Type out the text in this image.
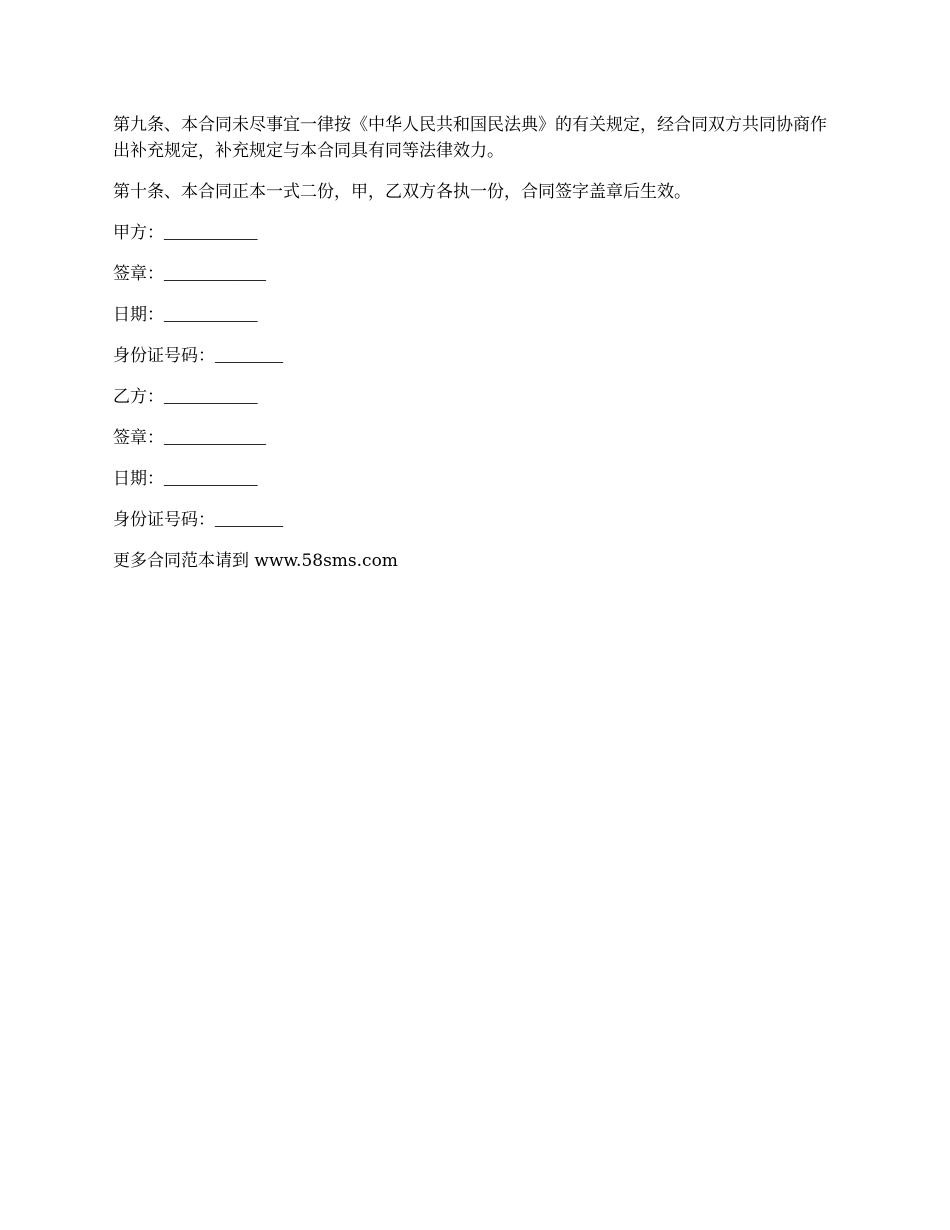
第九条、本合同未尽事宜一律按《中华人民共和国民法典》的有关规定，经合同双方共同协商作出补充规定，补充规定与本合同具有同等法律效力。

第十条、本合同正本一式二份，甲，乙双方各执一份，合同签字盖章后生效。

甲方：___________
签章：____________
日期：___________
身份证号码：________
乙方：___________
签章：____________
日期：___________
身份证号码：________
更多合同范本请到 www.58sms.com
